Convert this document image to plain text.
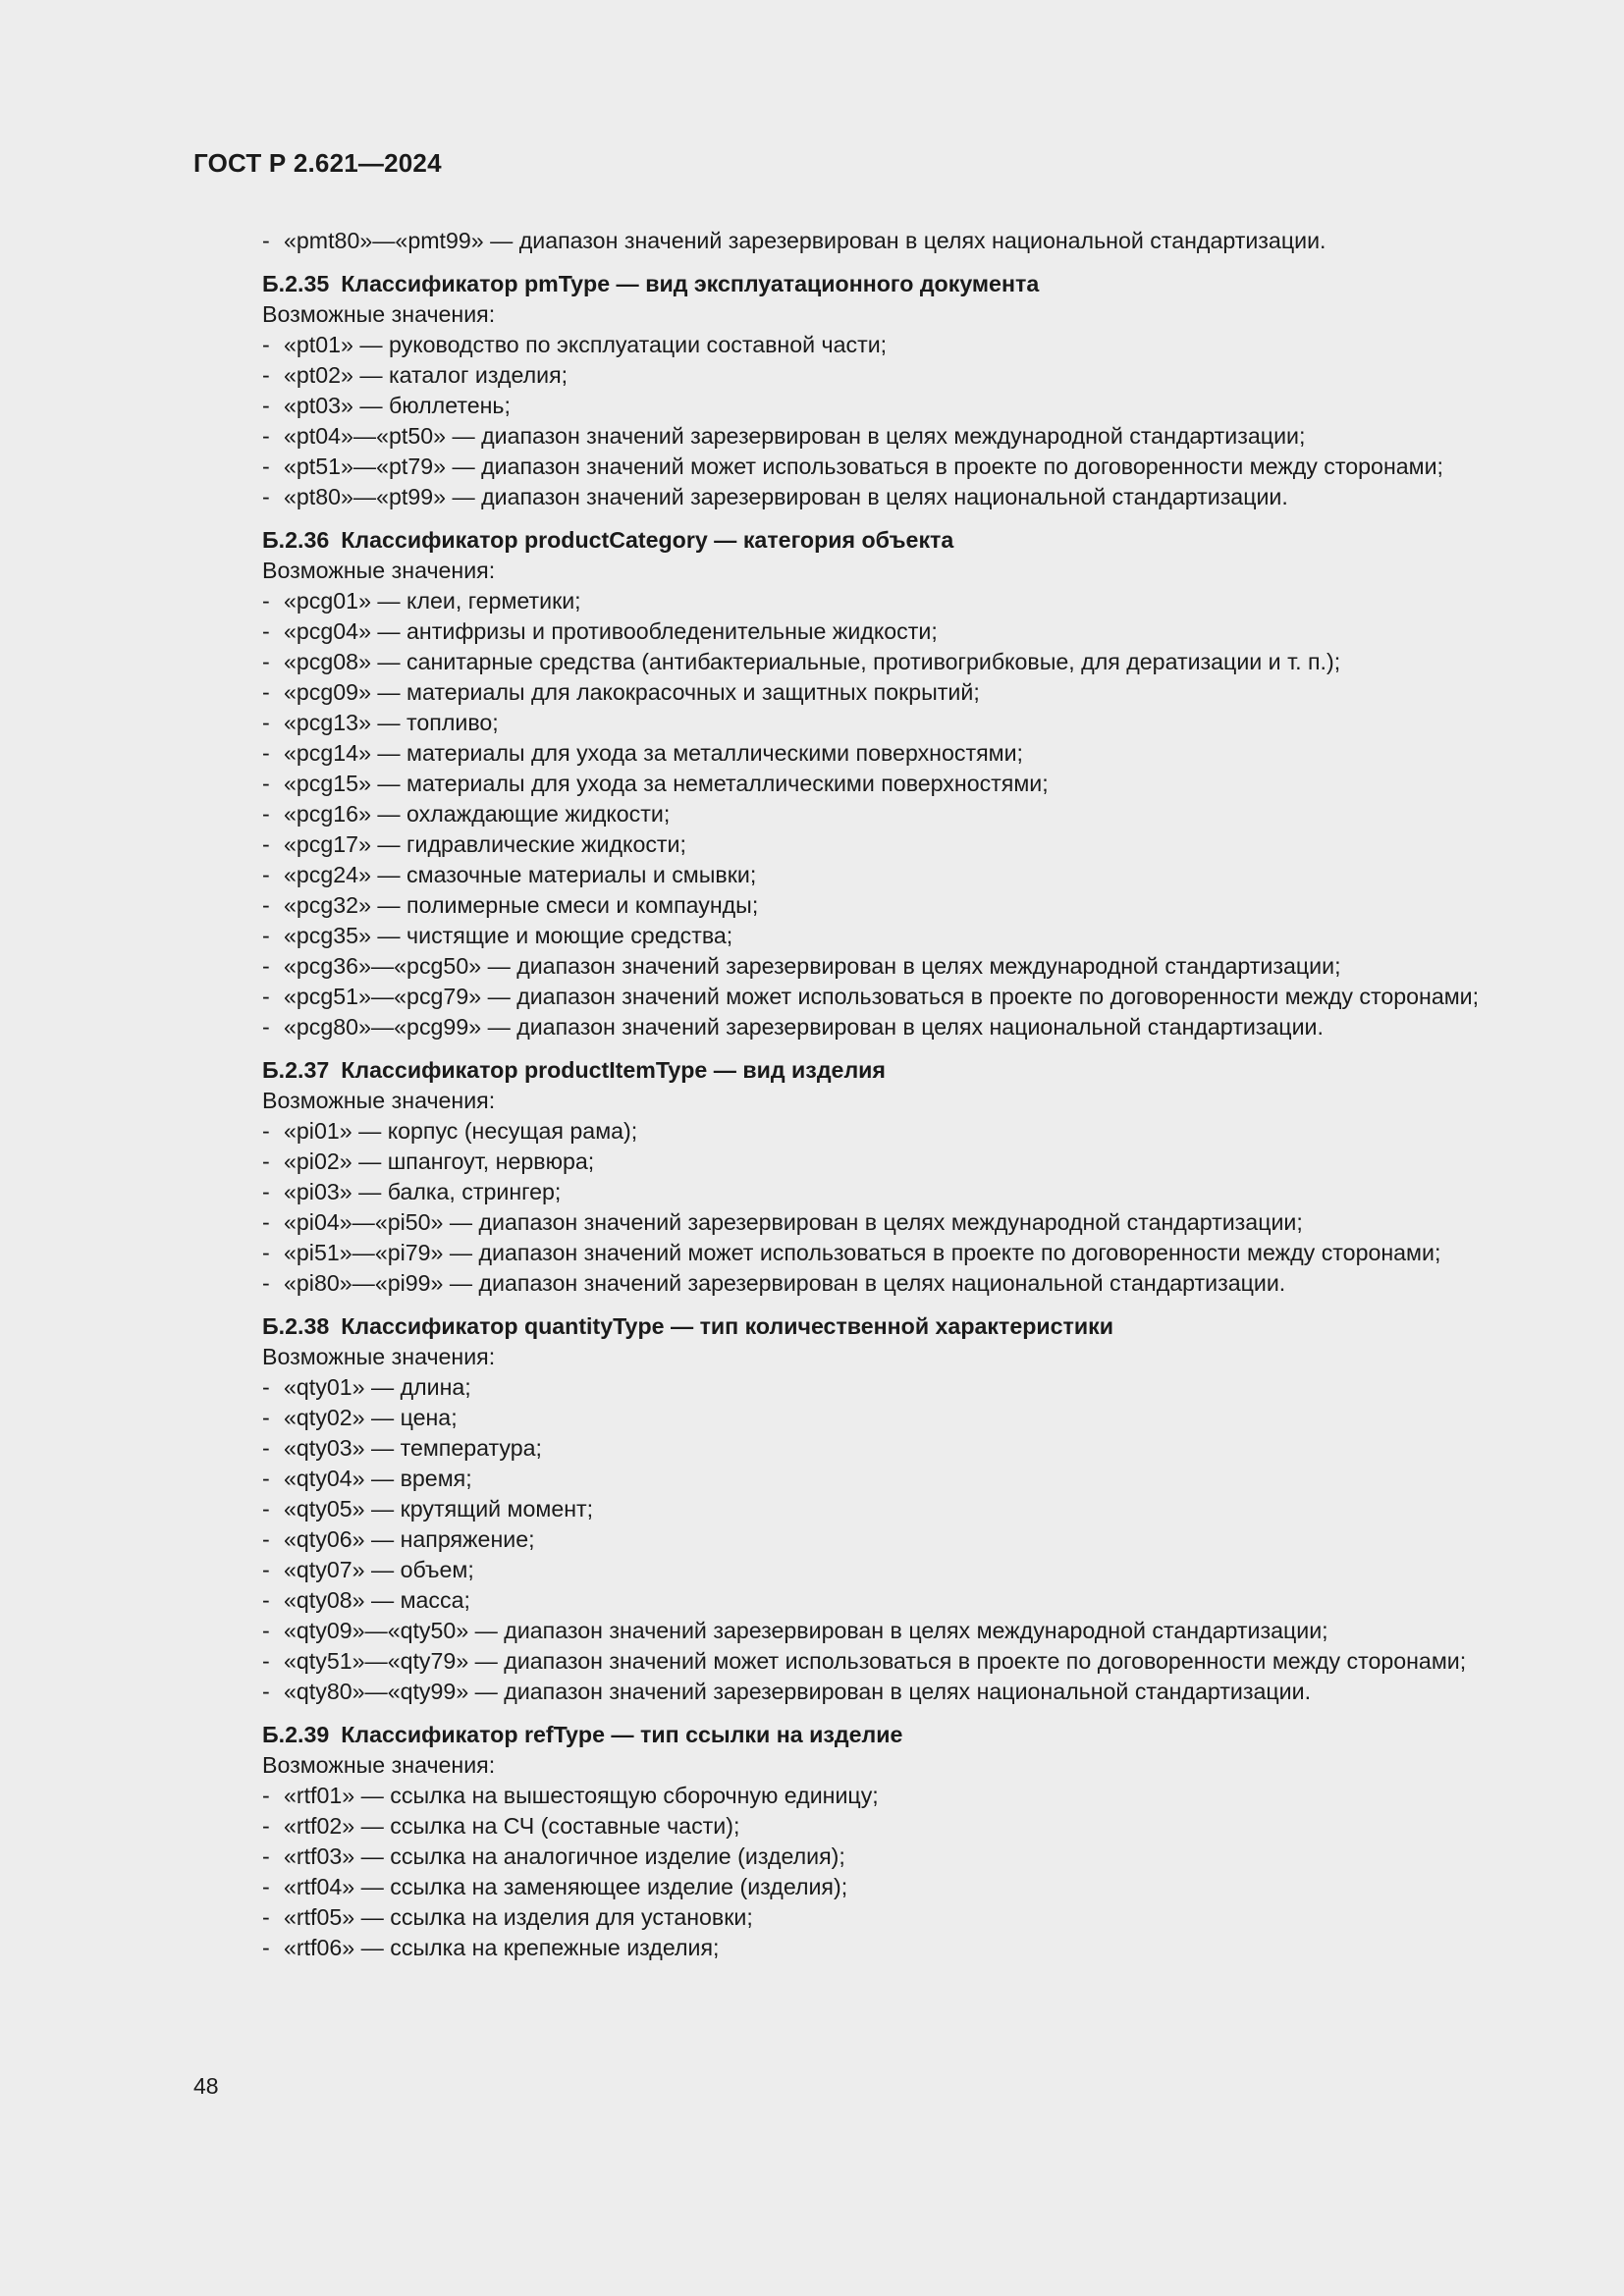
ГОСТ Р 2.621—2024
- «pmt80»—«pmt99» — диапазон значений зарезервирован в целях национальной стандартизации.
Б.2.35 Классификатор pmType — вид эксплуатационного документа
Возможные значения:
- «pt01» — руководство по эксплуатации составной части;
- «pt02» — каталог изделия;
- «pt03» — бюллетень;
- «pt04»—«pt50» — диапазон значений зарезервирован в целях международной стандартизации;
- «pt51»—«pt79» — диапазон значений может использоваться в проекте по договоренности между сторонами;
- «pt80»—«pt99» — диапазон значений зарезервирован в целях национальной стандартизации.
Б.2.36 Классификатор productCategory — категория объекта
Возможные значения:
- «pcg01» — клеи, герметики;
- «pcg04» — антифризы и противообледенительные жидкости;
- «pcg08» — санитарные средства (антибактериальные, противогрибковые, для дератизации и т. п.);
- «pcg09» — материалы для лакокрасочных и защитных покрытий;
- «pcg13» — топливо;
- «pcg14» — материалы для ухода за металлическими поверхностями;
- «pcg15» — материалы для ухода за неметаллическими поверхностями;
- «pcg16» — охлаждающие жидкости;
- «pcg17» — гидравлические жидкости;
- «pcg24» — смазочные материалы и смывки;
- «pcg32» — полимерные смеси и компаунды;
- «pcg35» — чистящие и моющие средства;
- «pcg36»—«pcg50» — диапазон значений зарезервирован в целях международной стандартизации;
- «pcg51»—«pcg79» — диапазон значений может использоваться в проекте по договоренности между сторонами;
- «pcg80»—«pcg99» — диапазон значений зарезервирован в целях национальной стандартизации.
Б.2.37 Классификатор productItemType — вид изделия
Возможные значения:
- «pi01» — корпус (несущая рама);
- «pi02» — шпангоут, нервюра;
- «pi03» — балка, стрингер;
- «pi04»—«pi50» — диапазон значений зарезервирован в целях международной стандартизации;
- «pi51»—«pi79» — диапазон значений может использоваться в проекте по договоренности между сторонами;
- «pi80»—«pi99» — диапазон значений зарезервирован в целях национальной стандартизации.
Б.2.38 Классификатор quantityType — тип количественной характеристики
Возможные значения:
- «qty01» — длина;
- «qty02» — цена;
- «qty03» — температура;
- «qty04» — время;
- «qty05» — крутящий момент;
- «qty06» — напряжение;
- «qty07» — объем;
- «qty08» — масса;
- «qty09»—«qty50» — диапазон значений зарезервирован в целях международной стандартизации;
- «qty51»—«qty79» — диапазон значений может использоваться в проекте по договоренности между сторонами;
- «qty80»—«qty99» — диапазон значений зарезервирован в целях национальной стандартизации.
Б.2.39 Классификатор refType — тип ссылки на изделие
Возможные значения:
- «rtf01» — ссылка на вышестоящую сборочную единицу;
- «rtf02» — ссылка на СЧ (составные части);
- «rtf03» — ссылка на аналогичное изделие (изделия);
- «rtf04» — ссылка на заменяющее изделие (изделия);
- «rtf05» — ссылка на изделия для установки;
- «rtf06» — ссылка на крепежные изделия;
48
